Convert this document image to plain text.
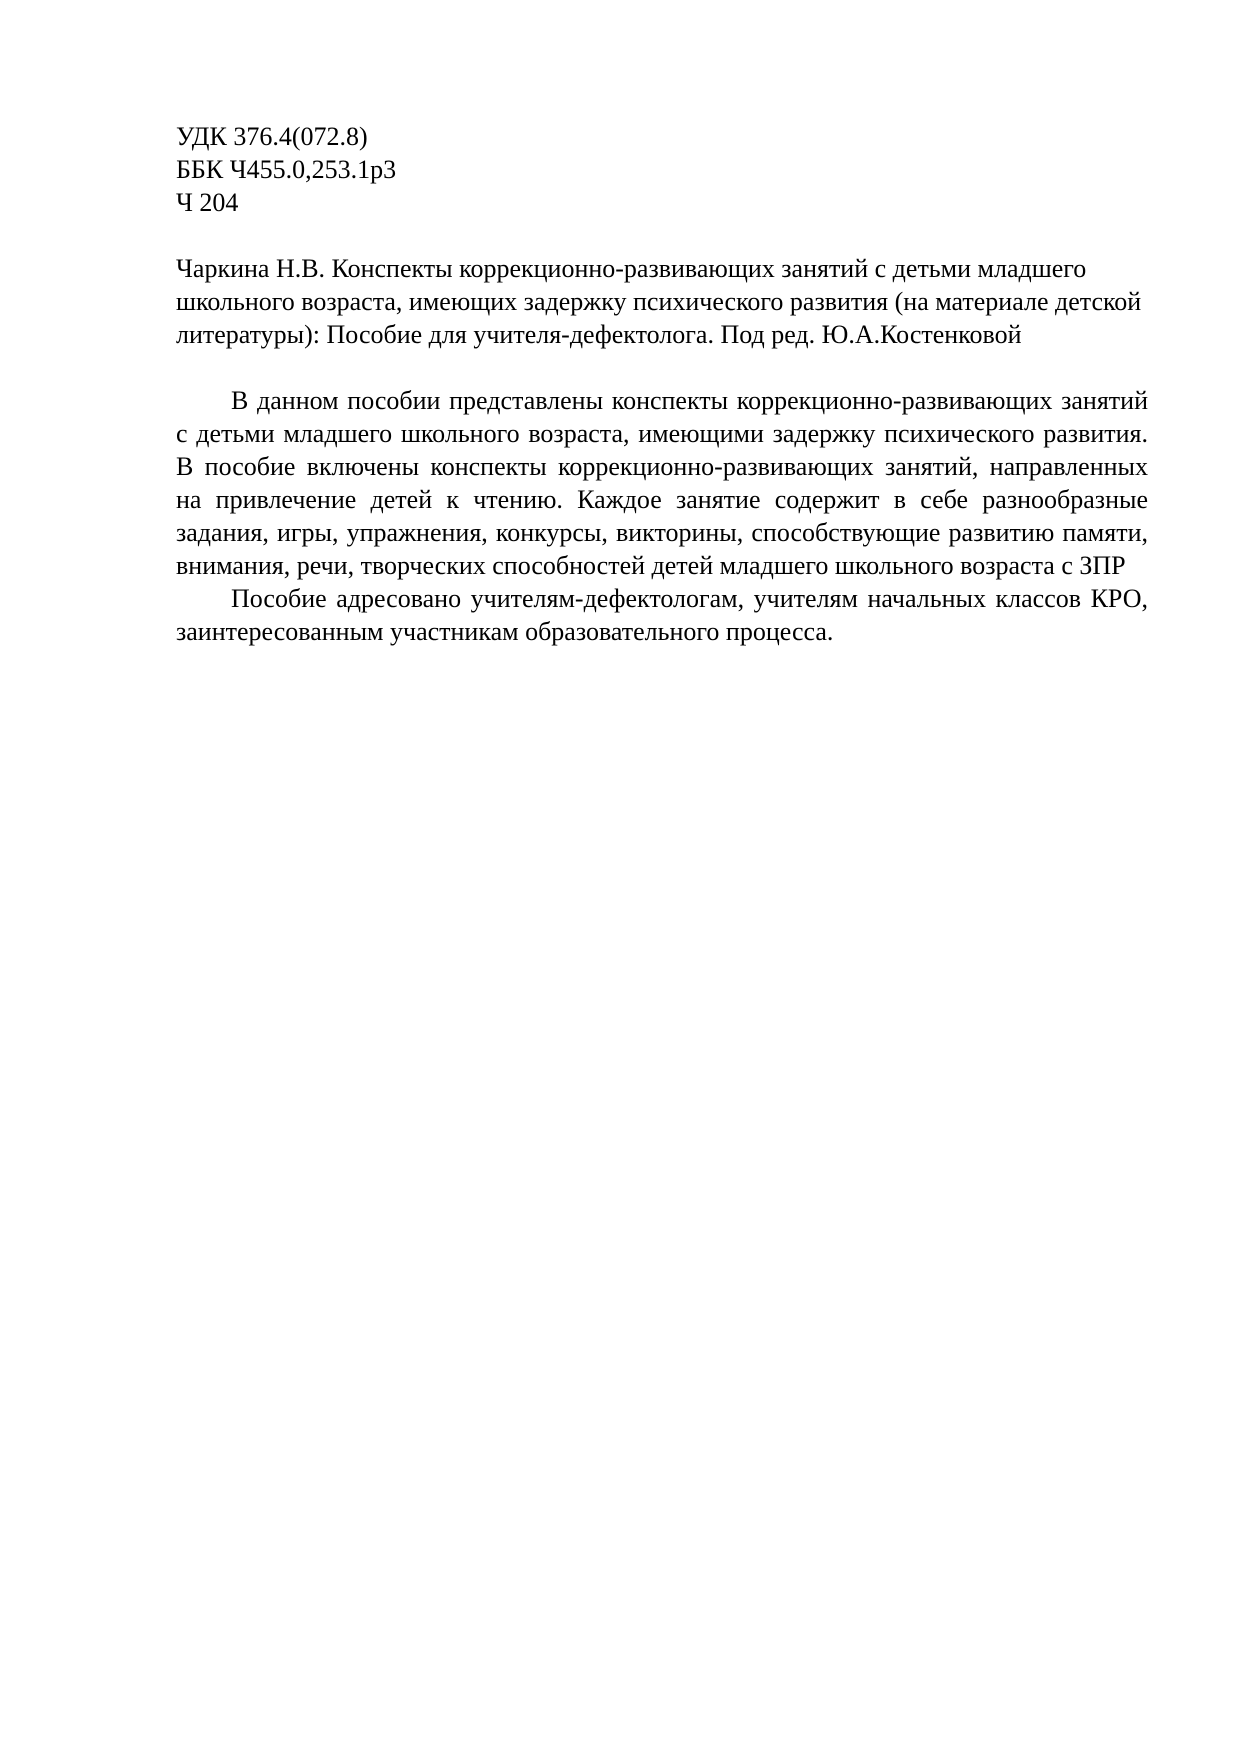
УДК 376.4(072.8)
ББК Ч455.0,253.1р3
Ч 204

Чаркина Н.В. Конспекты коррекционно-развивающих занятий с детьми младшего школьного возраста, имеющих задержку психического развития (на материале детской литературы): Пособие для учителя-дефектолога. Под ред. Ю.А.Костенковой

В данном пособии представлены конспекты коррекционно-развивающих занятий с детьми младшего школьного возраста, имеющими задержку психического развития. В пособие включены конспекты коррекционно-развивающих занятий, направленных на привлечение детей к чтению. Каждое занятие содержит в себе разнообразные задания, игры, упражнения, конкурсы, викторины, способствующие развитию памяти, внимания, речи, творческих способностей детей младшего школьного возраста с ЗПР

Пособие адресовано учителям-дефектологам, учителям начальных классов КРО, заинтересованным участникам образовательного процесса.
